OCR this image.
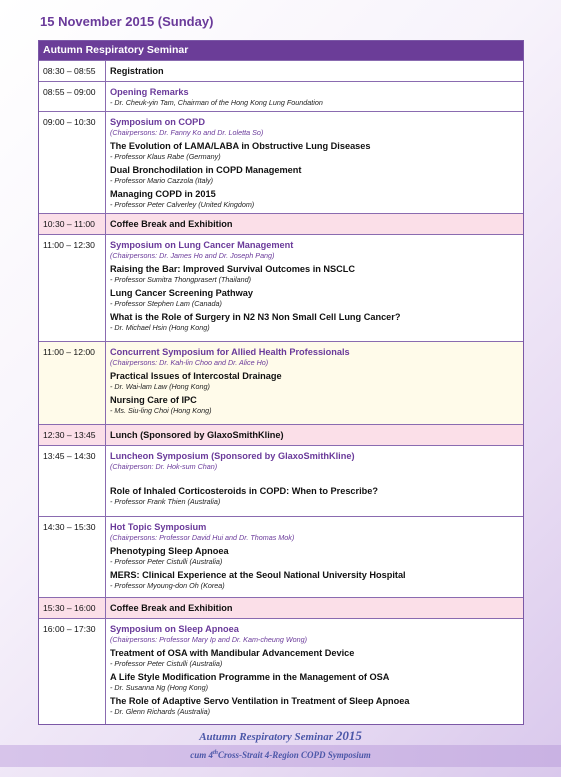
15 November 2015 (Sunday)
Autumn Respiratory Seminar
08:30 – 08:55	Registration
08:55 – 09:00	Opening Remarks
- Dr. Cheuk-yin Tam, Chairman of the Hong Kong Lung Foundation
09:00 – 10:30	Symposium on COPD
(Chairpersons: Dr. Fanny Ko and Dr. Loletta So)
The Evolution of LAMA/LABA in Obstructive Lung Diseases
- Professor Klaus Rabe (Germany)
Dual Bronchodilation in COPD Management
- Professor Mario Cazzola (Italy)
Managing COPD in 2015
- Professor Peter Calverley (United Kingdom)
10:30 – 11:00	Coffee Break and Exhibition
11:00 – 12:30	Symposium on Lung Cancer Management
(Chairpersons: Dr. James Ho and Dr. Joseph Pang)
Raising the Bar: Improved Survival Outcomes in NSCLC
- Professor Sumitra Thongprasert (Thailand)
Lung Cancer Screening Pathway
- Professor Stephen Lam (Canada)
What is the Role of Surgery in N2 N3 Non Small Cell Lung Cancer?
- Dr. Michael Hsin (Hong Kong)
11:00 – 12:00	Concurrent Symposium for Allied Health Professionals
(Chairpersons: Dr. Kah-lin Choo and Dr. Alice Ho)
Practical Issues of Intercostal Drainage
- Dr. Wai-lam Law (Hong Kong)
Nursing Care of IPC
- Ms. Siu-ling Choi (Hong Kong)
12:30 – 13:45	Lunch (Sponsored by GlaxoSmithKline)
13:45 – 14:30	Luncheon Symposium (Sponsored by GlaxoSmithKline)
(Chairperson: Dr. Hok-sum Chan)
Role of Inhaled Corticosteroids in COPD: When to Prescribe?
- Professor Frank Thien (Australia)
14:30 – 15:30	Hot Topic Symposium
(Chairpersons: Professor David Hui and Dr. Thomas Mok)
Phenotyping Sleep Apnoea
- Professor Peter Cistulli (Australia)
MERS: Clinical Experience at the Seoul National University Hospital
- Professor Myoung-don Oh (Korea)
15:30 – 16:00	Coffee Break and Exhibition
16:00 – 17:30	Symposium on Sleep Apnoea
(Chairpersons: Professor Mary Ip and Dr. Kam-cheung Wong)
Treatment of OSA with Mandibular Advancement Device
- Professor Peter Cistulli (Australia)
A Life Style Modification Programme in the Management of OSA
- Dr. Susanna Ng (Hong Kong)
The Role of Adaptive Servo Ventilation in Treatment of Sleep Apnoea
- Dr. Glenn Richards (Australia)
Autumn Respiratory Seminar 2015
cum 4thCross-Strait 4-Region COPD Symposium
